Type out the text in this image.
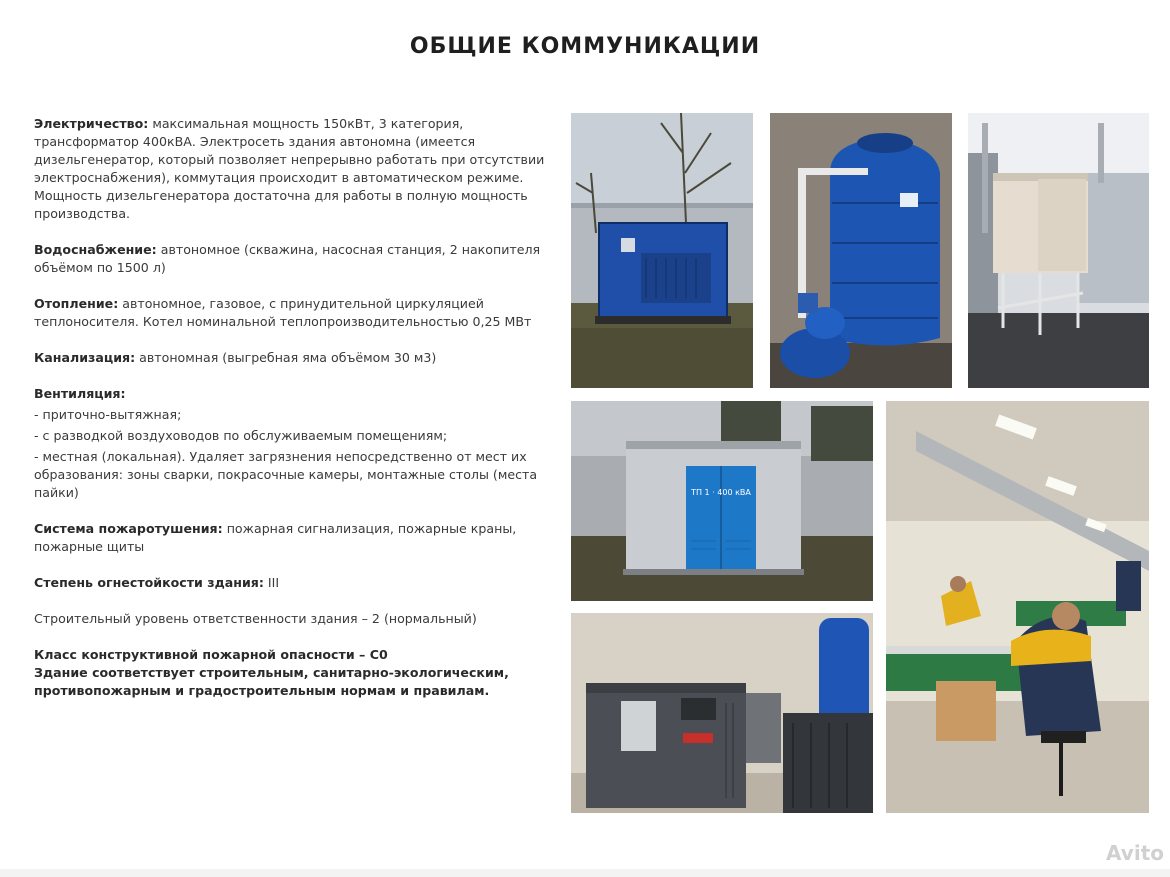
ОБЩИЕ КОММУНИКАЦИИ

Электричество: максимальная мощность 150кВт, 3 категория, трансформатор 400кВА. Электросеть здания автономна (имеется дизельгенератор, который позволяет непрерывно работать при отсутствии электроснабжения), коммутация происходит в автоматическом режиме. Мощность дизельгенератора достаточна для работы в полную мощность производства.

Водоснабжение: автономное (скважина, насосная станция, 2 накопителя объёмом по 1500 л)

Отопление: автономное, газовое, с принудительной циркуляцией теплоносителя. Котел номинальной теплопроизводительностью 0,25 МВт

Канализация: автономная (выгребная яма объёмом 30 м3)

Вентиляция:
- приточно-вытяжная;
- с разводкой воздуховодов по обслуживаемым помещениям;
- местная (локальная). Удаляет загрязнения непосредственно от мест их образования: зоны сварки, покрасочные камеры, монтажные столы (места пайки)

Система пожаротушения: пожарная сигнализация, пожарные краны, пожарные щиты

Степень огнестойкости здания: III

Строительный уровень ответственности здания – 2 (нормальный)

Класс конструктивной пожарной опасности – С0
Здание соответствует строительным, санитарно-экологическим, противопожарным и градостроительным нормам и правилам.
ТП 1 · 400 кВА
Avito
